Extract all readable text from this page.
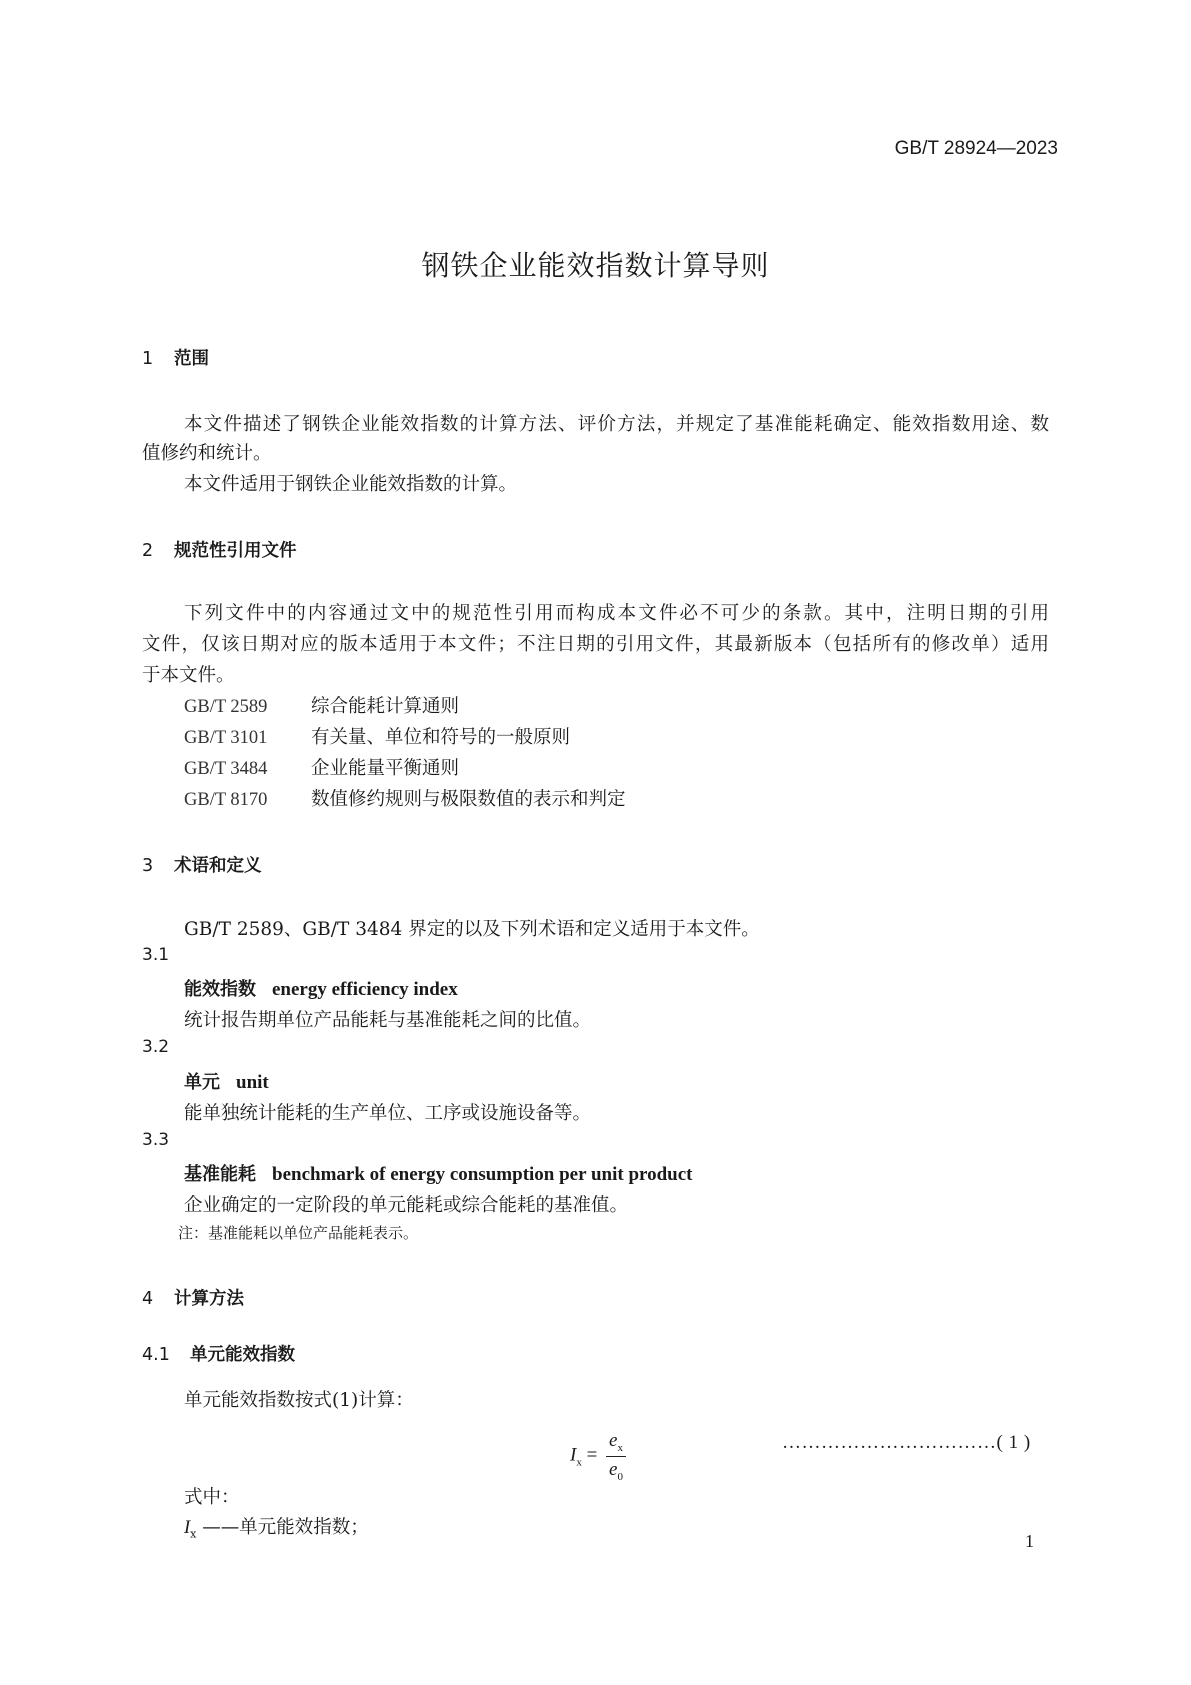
GB/T 28924—2023
钢铁企业能效指数计算导则
1 范围
本文件描述了钢铁企业能效指数的计算方法、评价方法，并规定了基准能耗确定、能效指数用途、数
值修约和统计。
本文件适用于钢铁企业能效指数的计算。
2 规范性引用文件
下列文件中的内容通过文中的规范性引用而构成本文件必不可少的条款。其中，注明日期的引用
文件，仅该日期对应的版本适用于本文件；不注日期的引用文件，其最新版本（包括所有的修改单）适用
于本文件。
GB/T 2589 综合能耗计算通则
GB/T 3101 有关量、单位和符号的一般原则
GB/T 3484 企业能量平衡通则
GB/T 8170 数值修约规则与极限数值的表示和判定
3 术语和定义
GB/T 2589、GB/T 3484 界定的以及下列术语和定义适用于本文件。
3.1
能效指数 energy efficiency index
统计报告期单位产品能耗与基准能耗之间的比值。
3.2
单元 unit
能单独统计能耗的生产单位、工序或设施设备等。
3.3
基准能耗 benchmark of energy consumption per unit product
企业确定的一定阶段的单元能耗或综合能耗的基准值。
注：基准能耗以单位产品能耗表示。
4 计算方法
4.1 单元能效指数
单元能效指数按式(1)计算：
$I_x = \frac{e_x}{e_0}$	……………………………( 1 )
式中：
$I_x$ ——单元能效指数；
1
